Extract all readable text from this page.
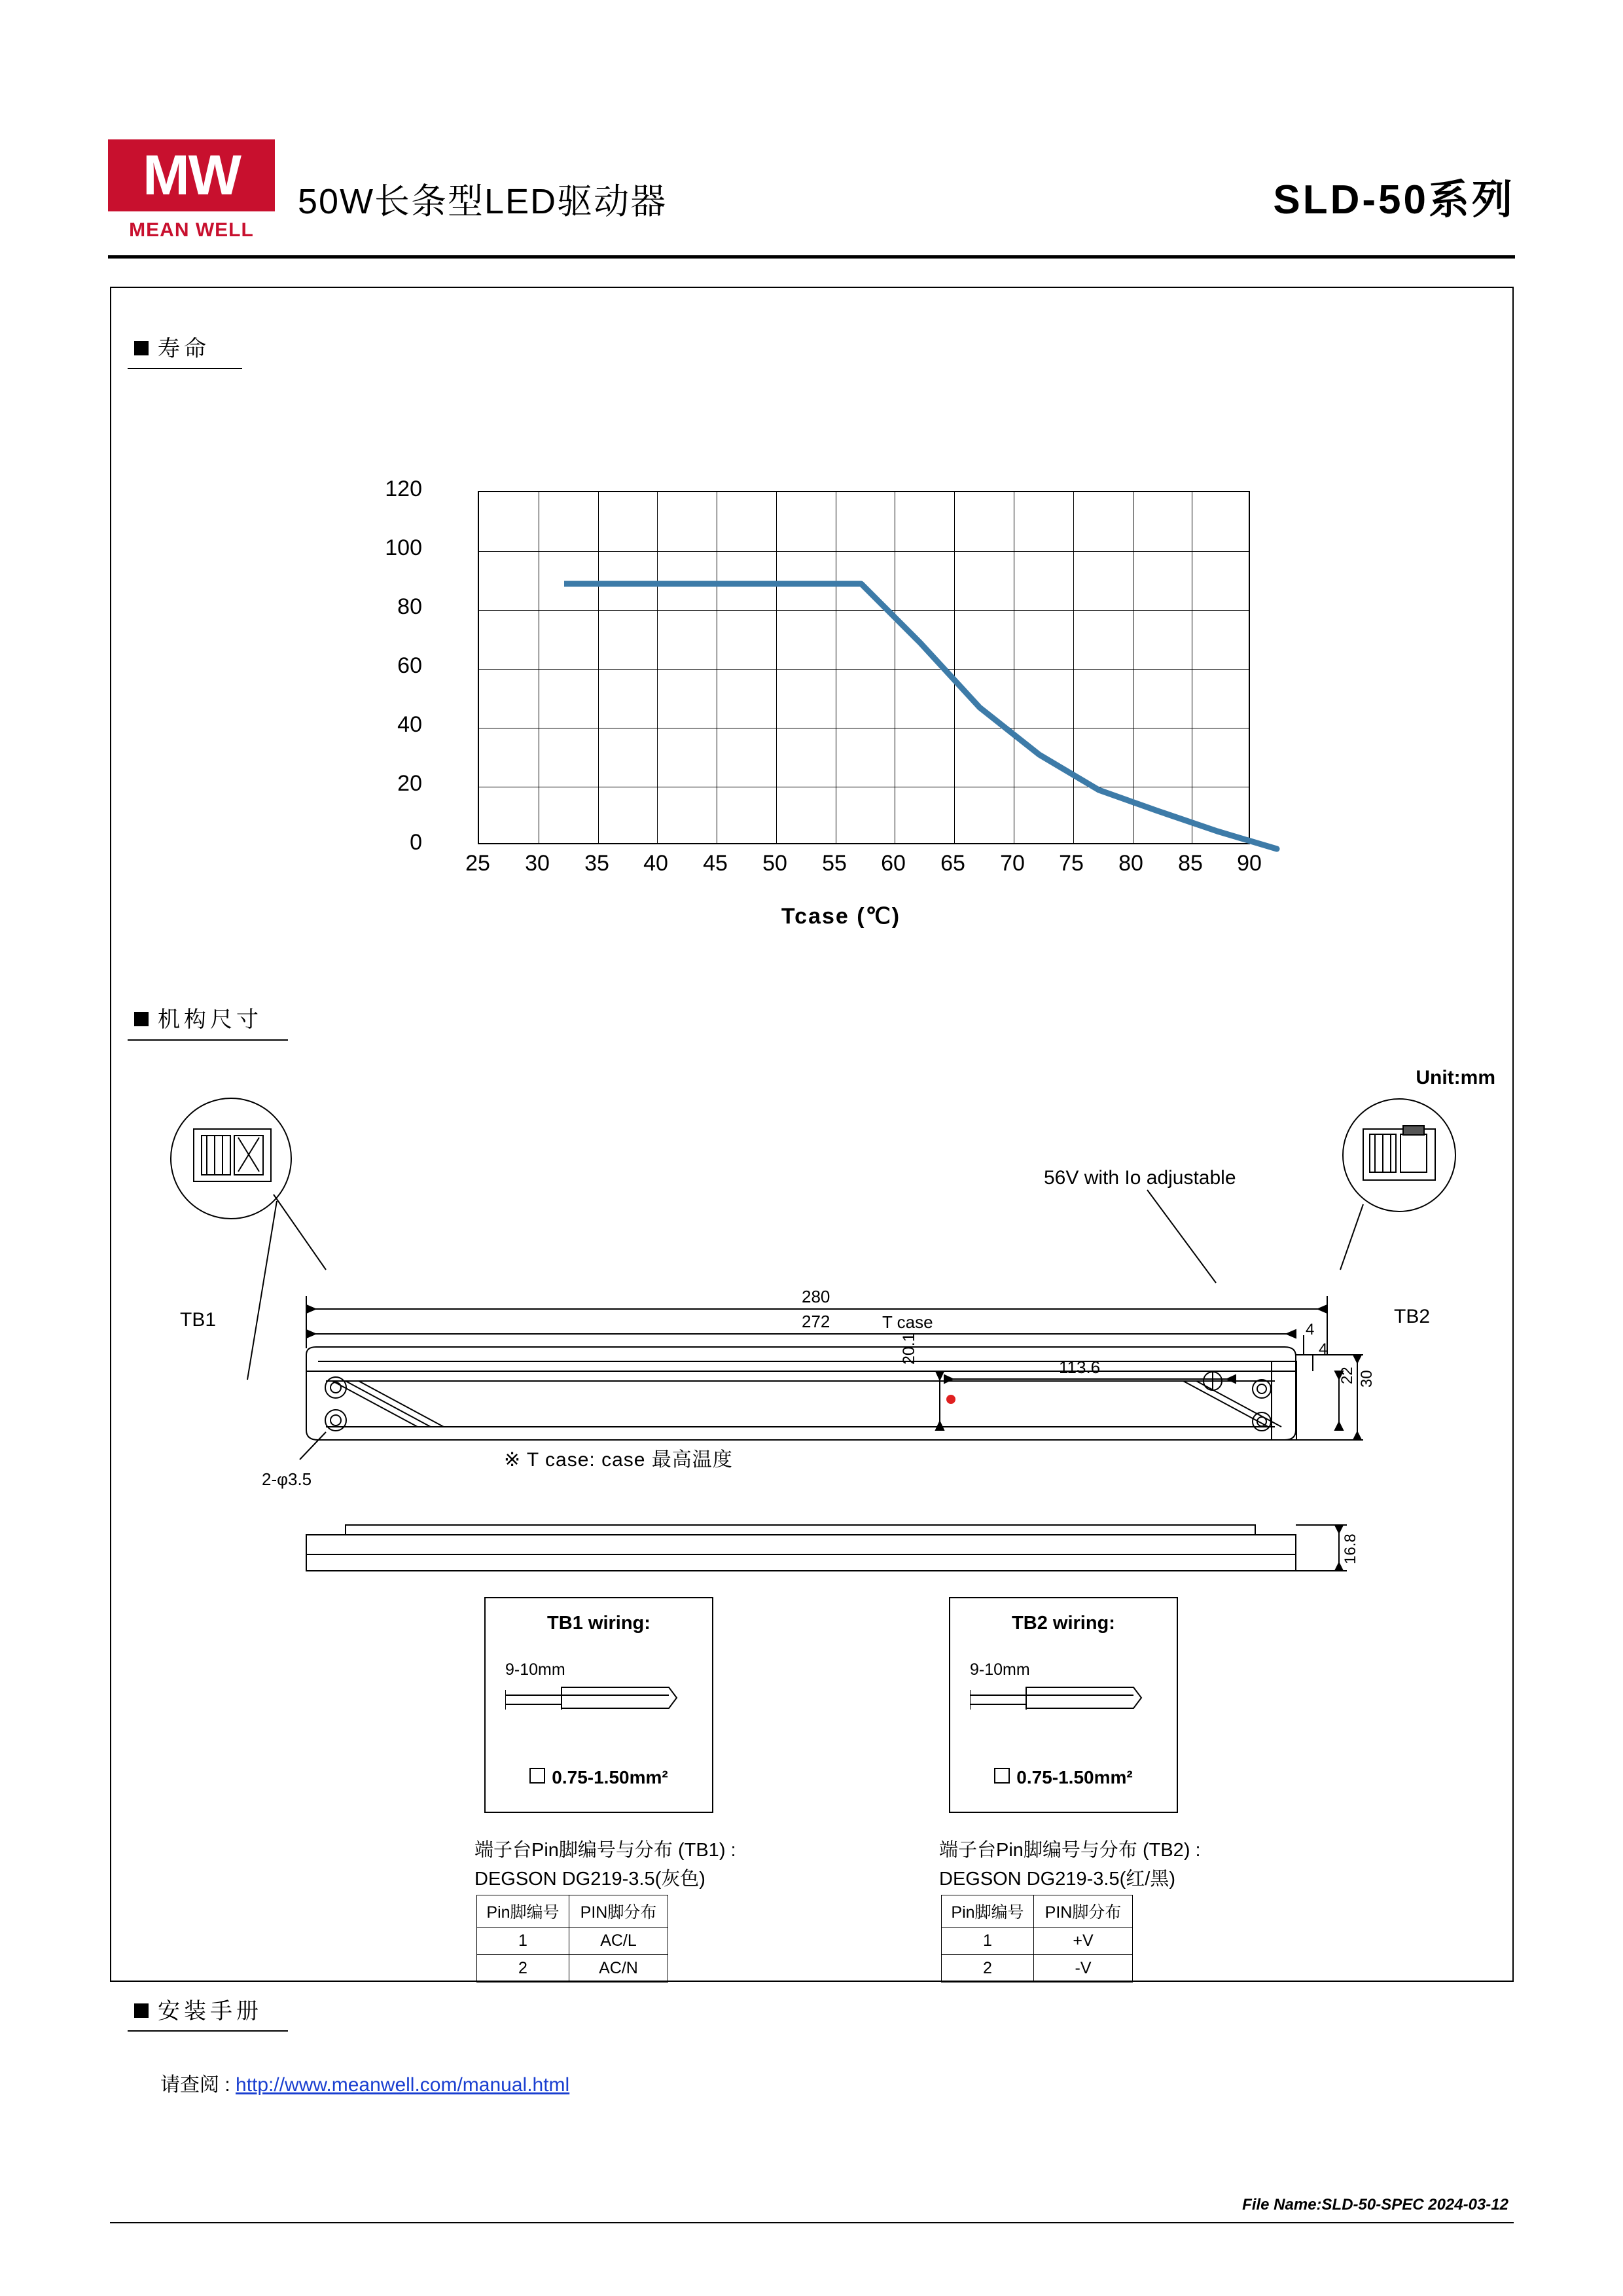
MW
MEAN WELL
50W长条型LED驱动器	SLD-50系列
寿命
120
100
80
60
40
20
0
25	30	35	40	45	50	55	60	65	70	75	80	85	90
Tcase (℃)
机构尺寸
Unit:mm
TB1	TB2
56V with Io adjustable
280
272
113.6
20.1
4
4
22 30
16.8
2-φ3.5
T case
※ T case: case 最高温度
TB1 wiring:
9-10mm
0.75-1.50mm²
TB2 wiring:
9-10mm
0.75-1.50mm²
端子台Pin脚编号与分布 (TB1) :
DEGSON DG219-3.5(灰色)
端子台Pin脚编号与分布 (TB2) :
DEGSON DG219-3.5(红/黑)
Pin脚编号	PIN脚分布
1	AC/L
2	AC/N
Pin脚编号	PIN脚分布
1	+V
2	-V
安装手册
请查阅 : http://www.meanwell.com/manual.html
File Name:SLD-50-SPEC 2024-03-12
